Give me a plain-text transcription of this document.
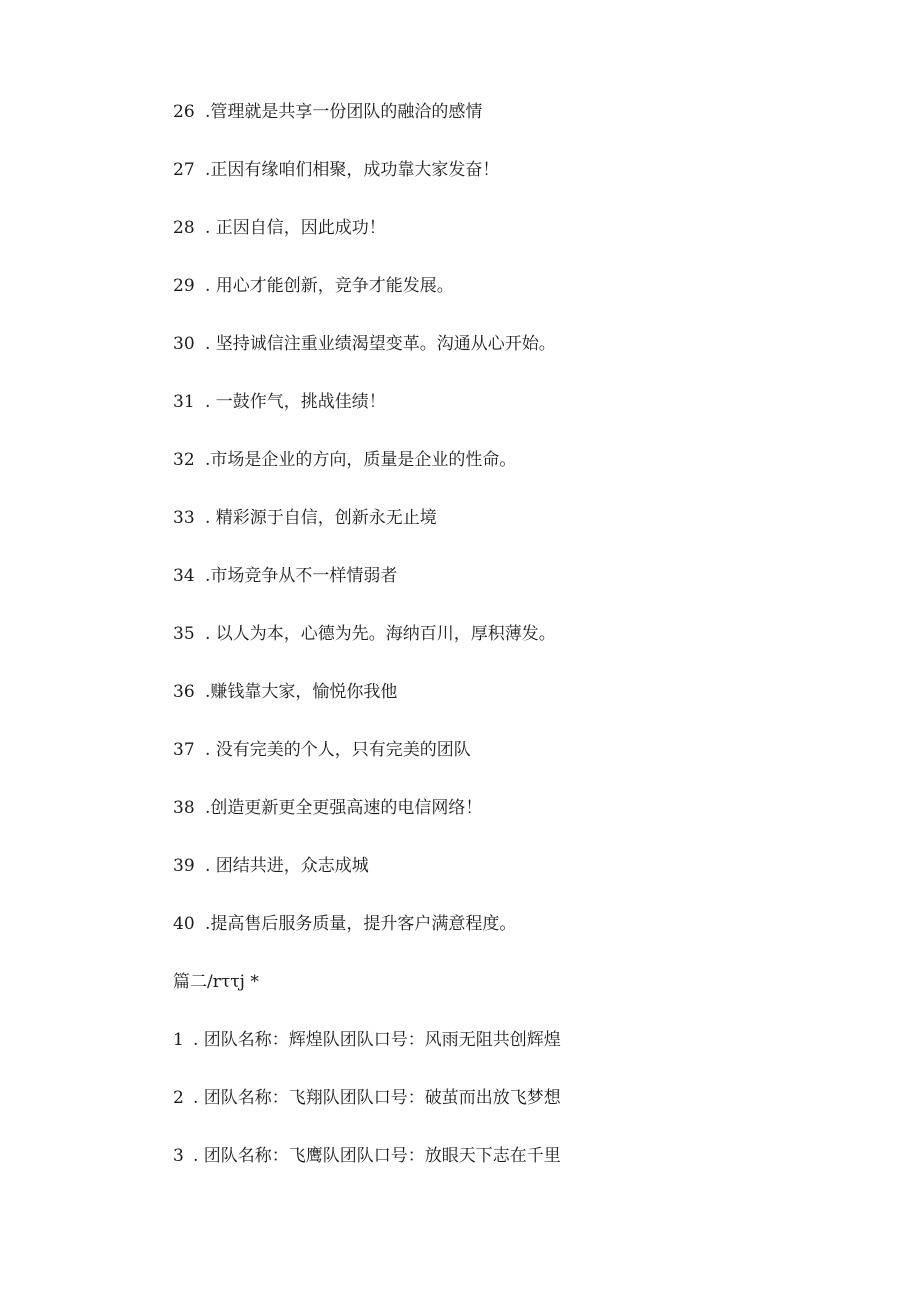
26 .管理就是共享一份团队的融洽的感情
27 .正因有缘咱们相聚，成功靠大家发奋！
28 . 正因自信，因此成功！
29 . 用心才能创新，竞争才能发展。
30 . 坚持诚信注重业绩渴望变革。沟通从心开始。
31 . 一鼓作气，挑战佳绩！
32 .市场是企业的方向，质量是企业的性命。
33 . 精彩源于自信，创新永无止境
34 .市场竞争从不一样情弱者
35 . 以人为本，心德为先。海纳百川，厚积薄发。
36 .赚钱靠大家，愉悦你我他
37 . 没有完美的个人，只有完美的团队
38 .创造更新更全更强高速的电信网络！
39 . 团结共进，众志成城
40 .提高售后服务质量，提升客户满意程度。
篇二/rττj *
1 . 团队名称：辉煌队团队口号：风雨无阻共创辉煌
2 . 团队名称：飞翔队团队口号：破茧而出放飞梦想
3 . 团队名称：飞鹰队团队口号：放眼天下志在千里
